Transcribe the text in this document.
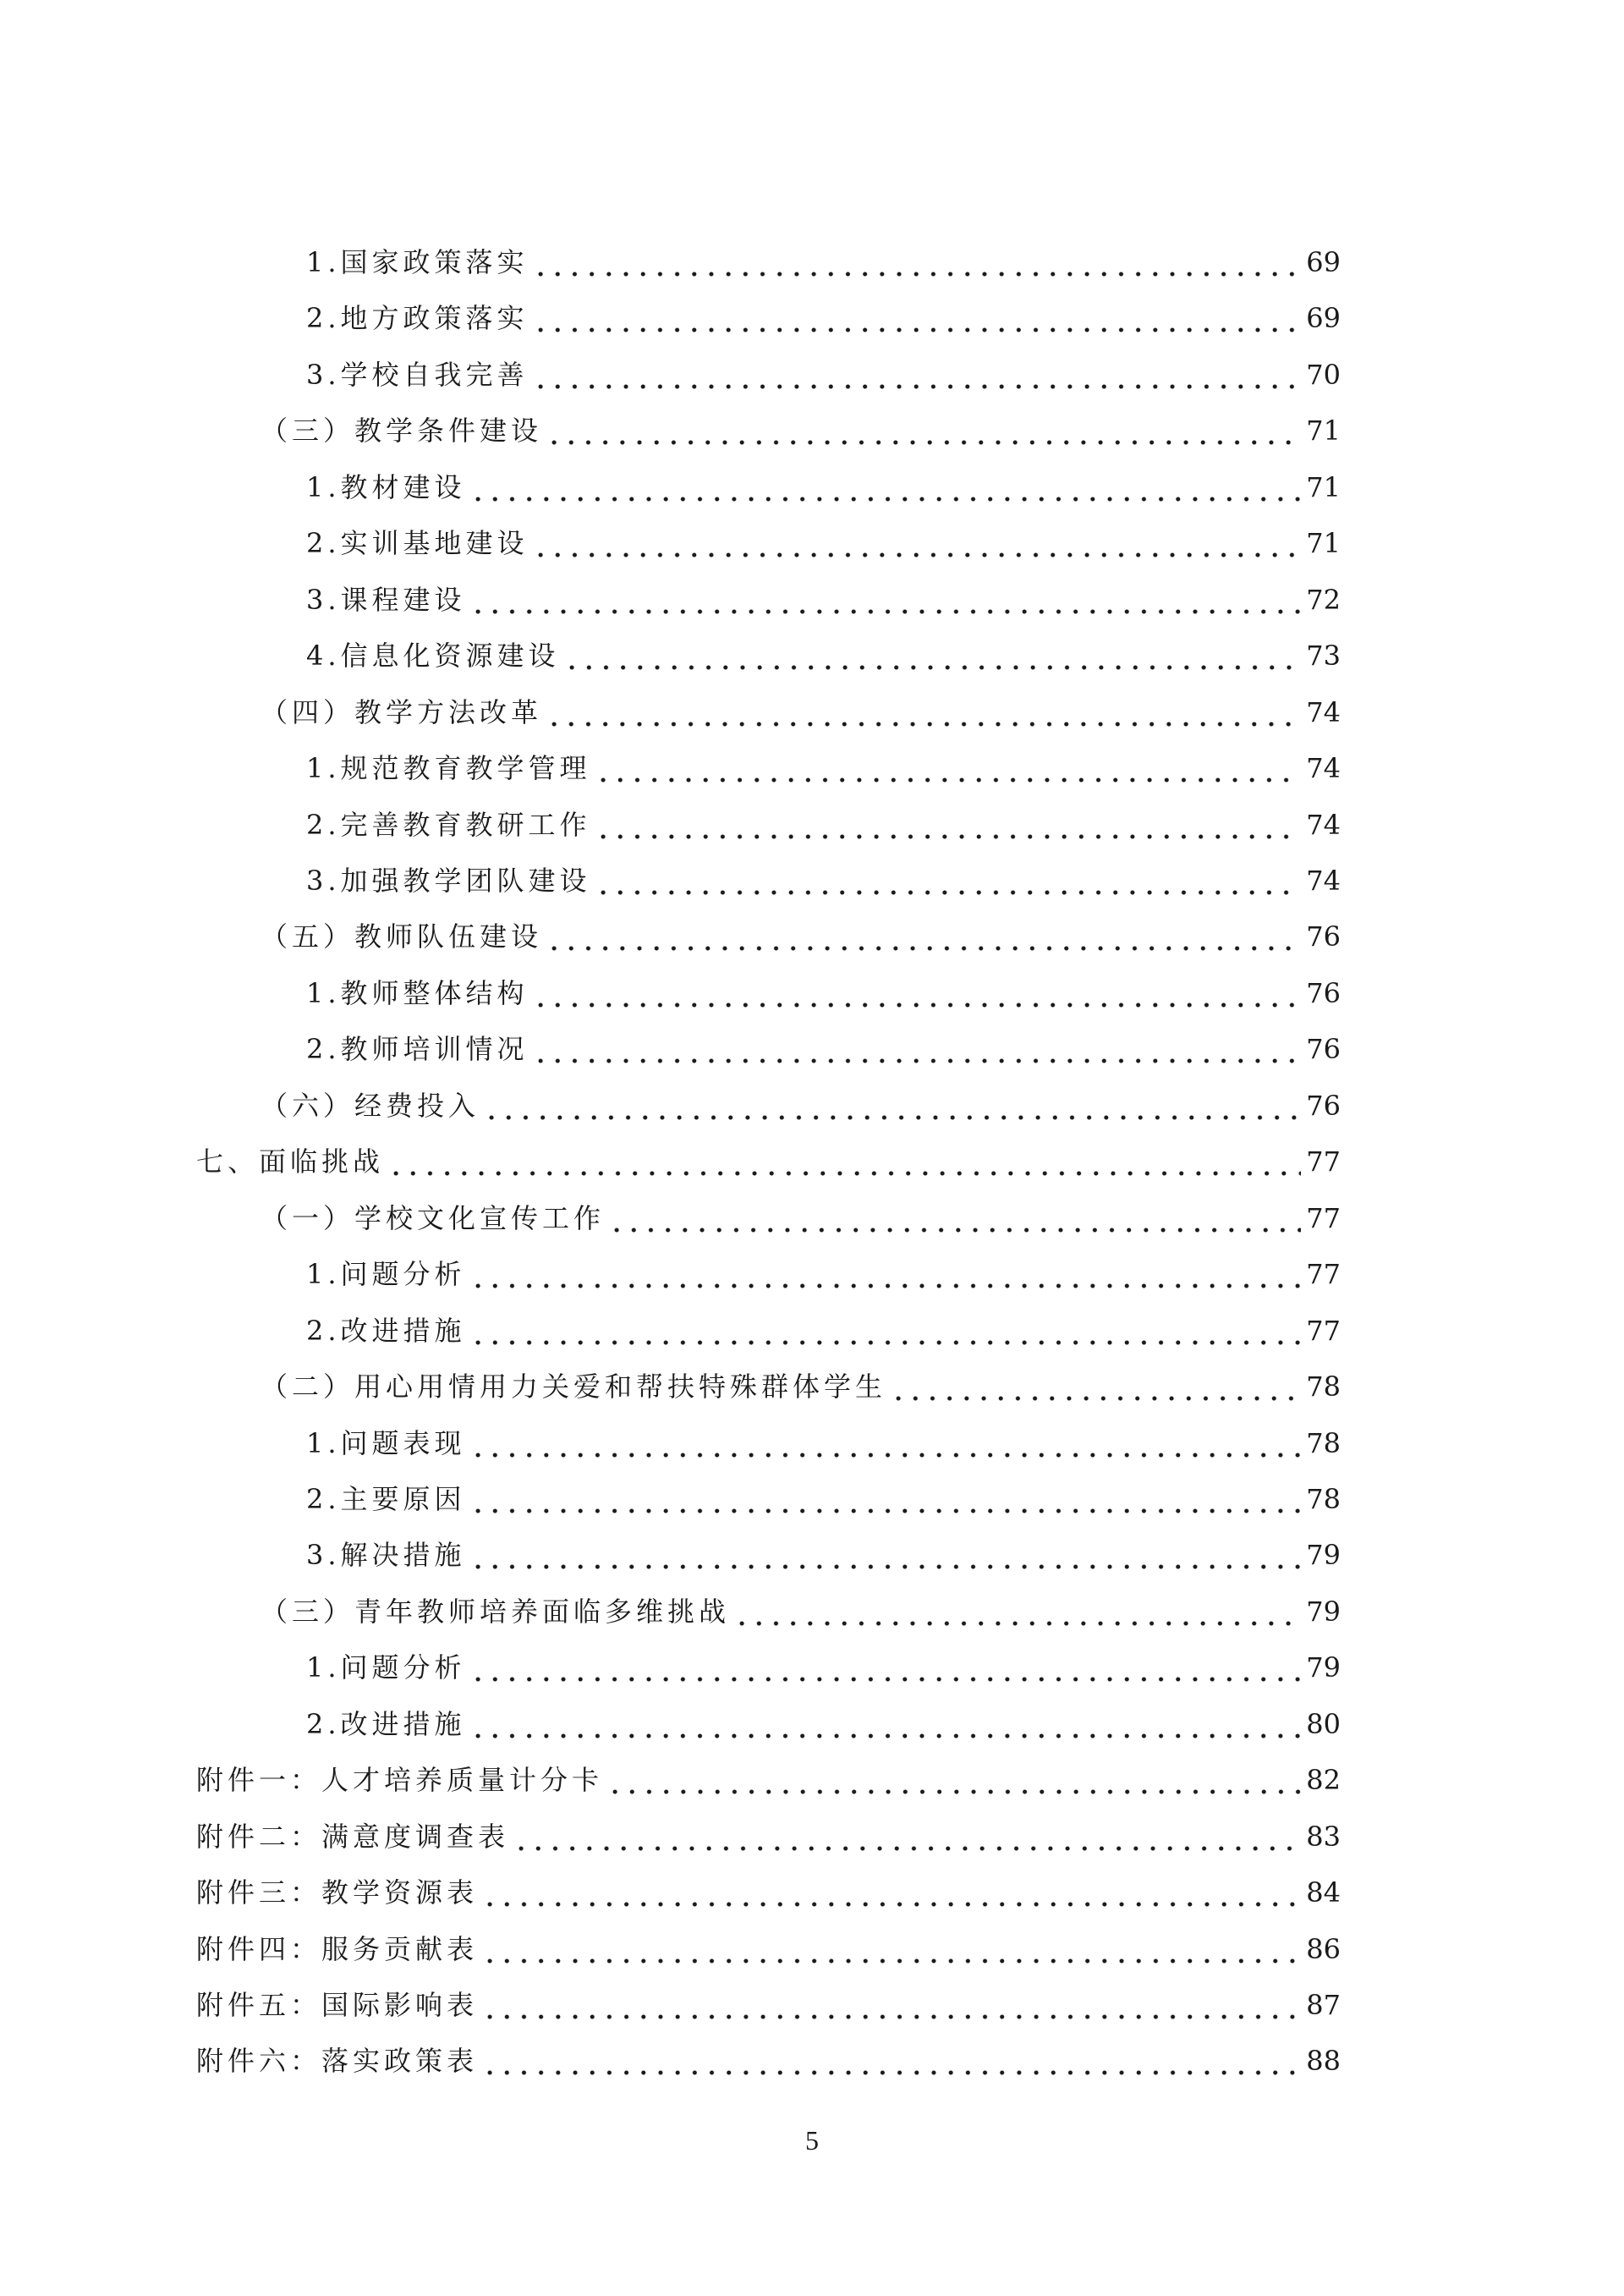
1.国家政策落实	69
2.地方政策落实	69
3.学校自我完善	70
（三）教学条件建设	71
1.教材建设	71
2.实训基地建设	71
3.课程建设	72
4.信息化资源建设	73
（四）教学方法改革	74
1.规范教育教学管理	74
2.完善教育教研工作	74
3.加强教学团队建设	74
（五）教师队伍建设	76
1.教师整体结构	76
2.教师培训情况	76
（六）经费投入	76
七、面临挑战	77
（一）学校文化宣传工作	77
1.问题分析	77
2.改进措施	77
（二）用心用情用力关爱和帮扶特殊群体学生	78
1.问题表现	78
2.主要原因	78
3.解决措施	79
（三）青年教师培养面临多维挑战	79
1.问题分析	79
2.改进措施	80
附件一：人才培养质量计分卡	82
附件二：满意度调查表	83
附件三：教学资源表	84
附件四：服务贡献表	86
附件五：国际影响表	87
附件六：落实政策表	88
5
